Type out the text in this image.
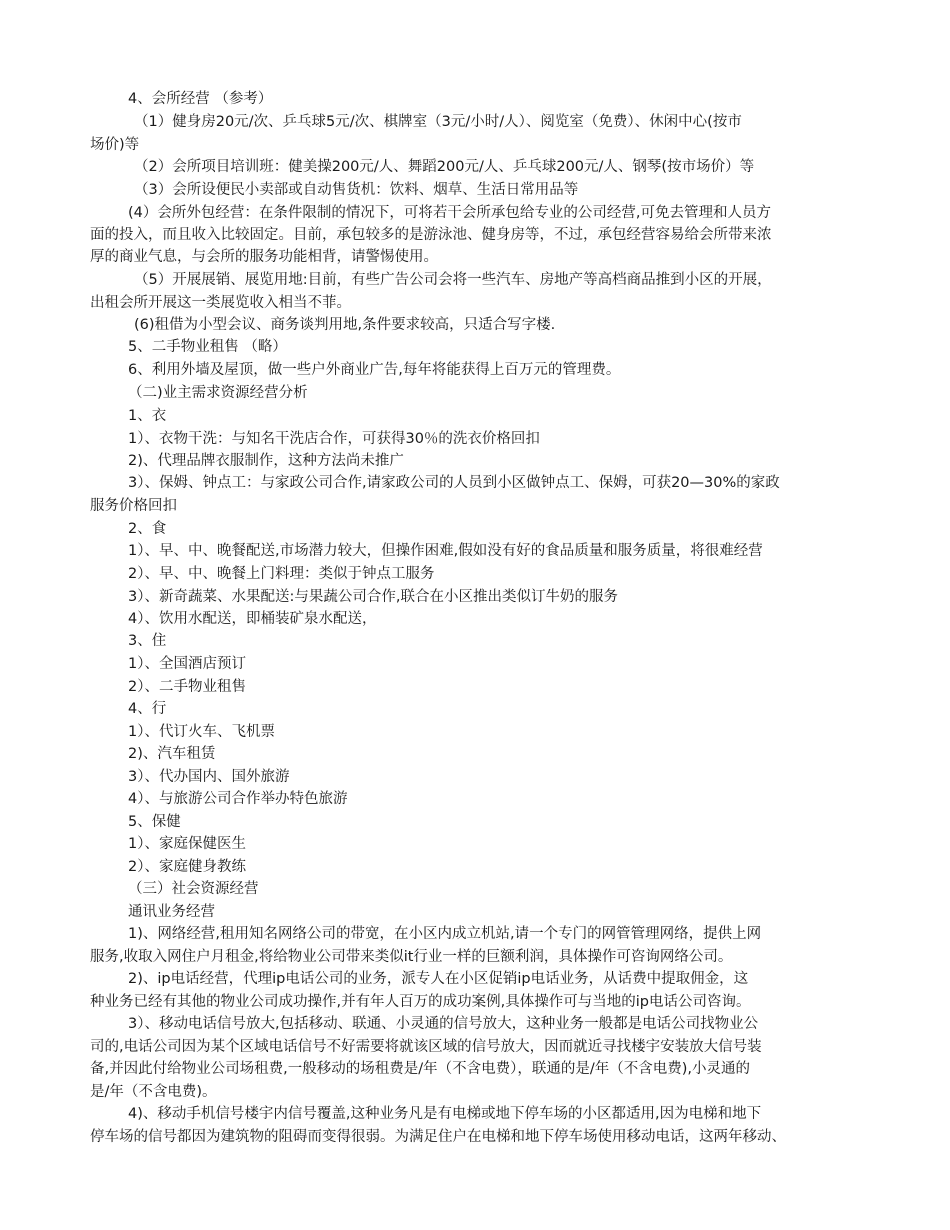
4、会所经营 （参考）
（1）健身房20元/次、乒乓球5元/次、棋牌室（3元/小时/人）、阅览室（免费）、休闲中心(按市
场价)等
（2）会所项目培训班：健美操200元/人、舞蹈200元/人、乒乓球200元/人、钢琴(按市场价）等
（3）会所设便民小卖部或自动售货机：饮料、烟草、生活日常用品等
(4）会所外包经营：在条件限制的情况下，可将若干会所承包给专业的公司经营,可免去管理和人员方
面的投入，而且收入比较固定。目前，承包较多的是游泳池、健身房等，不过，承包经营容易给会所带来浓
厚的商业气息，与会所的服务功能相背，请警惕使用。
（5）开展展销、展览用地:目前，有些广告公司会将一些汽车、房地产等高档商品推到小区的开展，
出租会所开展这一类展览收入相当不菲。
(6)租借为小型会议、商务谈判用地,条件要求较高，只适合写字楼.
5、二手物业租售 （略）
6、利用外墙及屋顶，做一些户外商业广告,每年将能获得上百万元的管理费。
（二)业主需求资源经营分析
1、衣
1）、衣物干洗：与知名干洗店合作，可获得30％的洗衣价格回扣
2)、代理品牌衣服制作，这种方法尚未推广
3）、保姆、钟点工：与家政公司合作,请家政公司的人员到小区做钟点工、保姆，可获20—30%的家政
服务价格回扣
2、食
1）、早、中、晚餐配送,市场潜力较大，但操作困难,假如没有好的食品质量和服务质量，将很难经营
2）、早、中、晚餐上门料理：类似于钟点工服务
3）、新奇蔬菜、水果配送:与果蔬公司合作,联合在小区推出类似订牛奶的服务
4）、饮用水配送，即桶装矿泉水配送，
3、住
1）、全国酒店预订
2）、二手物业租售
4、行
1）、代订火车、飞机票
2)、汽车租赁
3）、代办国内、国外旅游
4）、与旅游公司合作举办特色旅游
5、保健
1）、家庭保健医生
2）、家庭健身教练
（三）社会资源经营
通讯业务经营
1)、网络经营,租用知名网络公司的带宽，在小区内成立机站,请一个专门的网管管理网络，提供上网
服务,收取入网住户月租金,将给物业公司带来类似it行业一样的巨额利润，具体操作可咨询网络公司。
2)、ip电话经营，代理ip电话公司的业务，派专人在小区促销ip电话业务，从话费中提取佣金，这
种业务已经有其他的物业公司成功操作,并有年人百万的成功案例,具体操作可与当地的ip电话公司咨询。
3）、移动电话信号放大,包括移动、联通、小灵通的信号放大，这种业务一般都是电话公司找物业公
司的,电话公司因为某个区域电话信号不好需要将就该区域的信号放大，因而就近寻找楼宇安装放大信号装
备,并因此付给物业公司场租费,一般移动的场租费是/年（不含电费），联通的是/年（不含电费),小灵通的
是/年（不含电费)。
4)、移动手机信号楼宇内信号覆盖,这种业务凡是有电梯或地下停车场的小区都适用,因为电梯和地下
停车场的信号都因为建筑物的阻碍而变得很弱。为满足住户在电梯和地下停车场使用移动电话，这两年移动、
